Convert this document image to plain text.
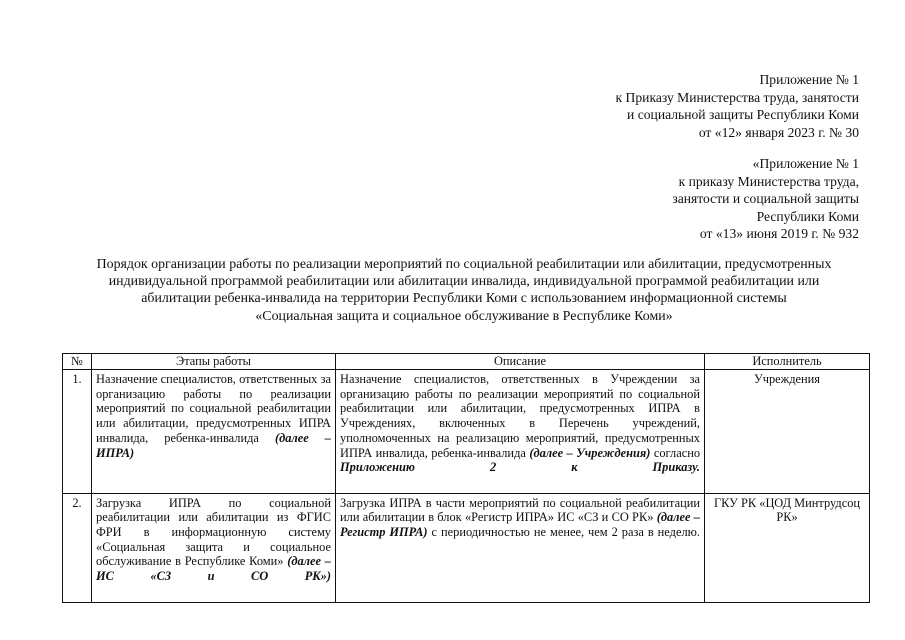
Приложение № 1
к Приказу Министерства труда, занятости
и социальной защиты Республики Коми
от «12» января 2023 г. № 30
«Приложение № 1
к приказу Министерства труда,
занятости и социальной защиты
Республики Коми
от «13» июня 2019 г. № 932
Порядок организации работы по реализации мероприятий по социальной реабилитации или абилитации, предусмотренных
индивидуальной программой реабилитации или абилитации инвалида, индивидуальной программой реабилитации или
абилитации ребенка-инвалида на территории Республики Коми с использованием информационной системы
«Социальная защита и социальное обслуживание в Республике Коми»
№	Этапы работы	Описание	Исполнитель
1.	Назначение специалистов, ответственных за организацию работы по реализации мероприятий по социальной реабилитации или абилитации, предусмотренных ИПРА инвалида, ребенка-инвалида (далее – ИПРА)	Назначение специалистов, ответственных в Учреждении за организацию работы по реализации мероприятий по социальной реабилитации или абилитации, предусмотренных ИПРА в Учреждениях, включенных в Перечень учреждений, уполномоченных на реализацию мероприятий, предусмотренных ИПРА инвалида, ребенка-инвалида (далее – Учреждения) согласно Приложению 2 к Приказу.	Учреждения
2.	Загрузка ИПРА по социальной реабилитации или абилитации из ФГИС ФРИ в информационную систему «Социальная защита и социальное обслуживание в Республике Коми» (далее – ИС «СЗ и СО РК»)	Загрузка ИПРА в части мероприятий по социальной реабилитации или абилитации в блок «Регистр ИПРА» ИС «СЗ и СО РК» (далее – Регистр ИПРА) с периодичностью не менее, чем 2 раза в неделю.	ГКУ РК «ЦОД Минтрудсоц РК»
